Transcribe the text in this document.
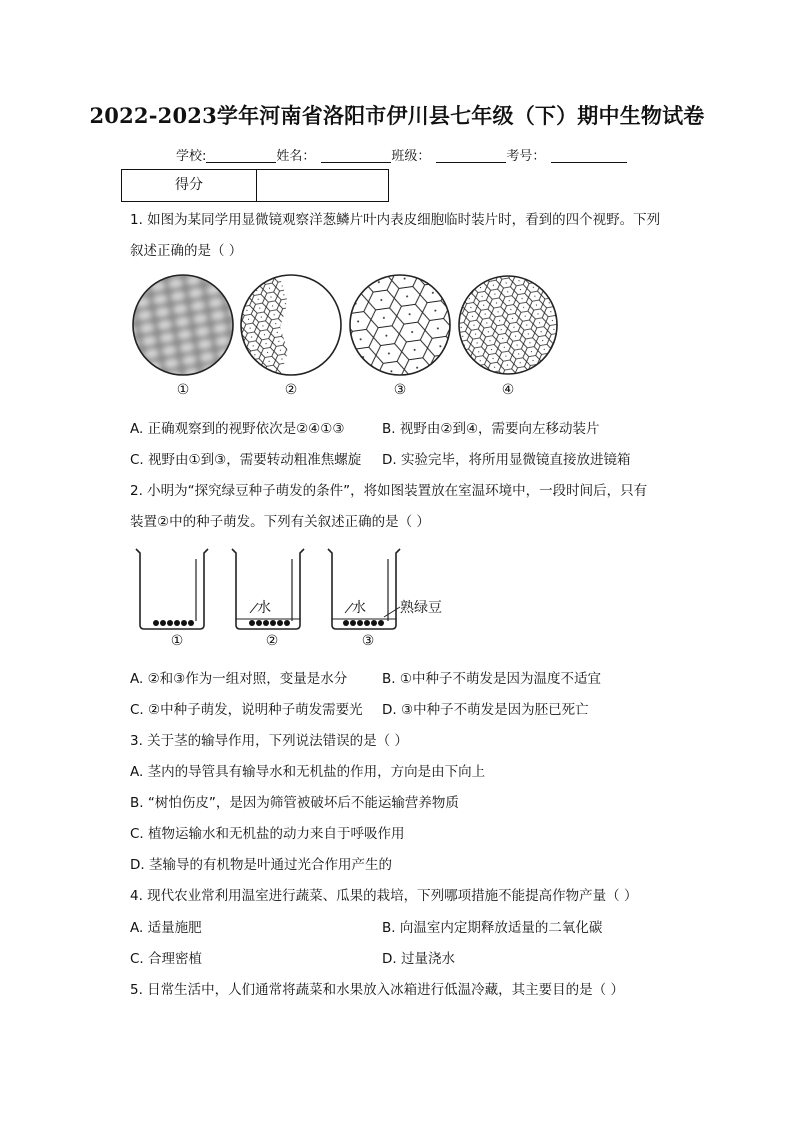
2022-2023学年河南省洛阳市伊川县七年级（下）期中生物试卷
学校:	姓名：	班级：	考号：
得分
1. 如图为某同学用显微镜观察洋葱鳞片叶内表皮细胞临时装片时，看到的四个视野。下列
叙述正确的是（ ）
①	②	③	④
A. 正确观察到的视野依次是②④①③	B. 视野由②到④，需要向左移动装片
C. 视野由①到③，需要转动粗准焦螺旋 D. 实验完毕，将所用显微镜直接放进镜箱
2. 小明为“探究绿豆种子萌发的条件”，将如图装置放在室温环境中，一段时间后，只有
装置②中的种子萌发。下列有关叙述正确的是（ ）
水	水 熟绿豆
①	②	③
A. ②和③作为一组对照，变量是水分	B. ①中种子不萌发是因为温度不适宜
C. ②中种子萌发，说明种子萌发需要光 D. ③中种子不萌发是因为胚已死亡
3. 关于茎的输导作用，下列说法错误的是（ ）
A. 茎内的导管具有输导水和无机盐的作用，方向是由下向上
B. “树怕伤皮”，是因为筛管被破坏后不能运输营养物质
C. 植物运输水和无机盐的动力来自于呼吸作用
D. 茎输导的有机物是叶通过光合作用产生的
4. 现代农业常利用温室进行蔬菜、瓜果的栽培，下列哪项措施不能提高作物产量（ ）
A. 适量施肥	B. 向温室内定期释放适量的二氧化碳
C. 合理密植	D. 过量浇水
5. 日常生活中，人们通常将蔬菜和水果放入冰箱进行低温冷藏，其主要目的是（ ）
